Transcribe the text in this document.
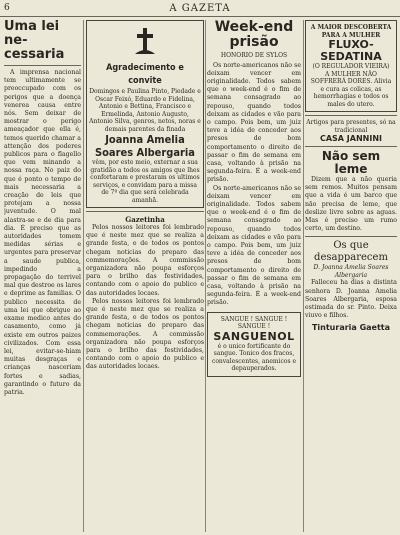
6	A GAZETA

Uma lei necessaria

A imprensa nacional tem ultimamente se preoccupado com os perigos que a doença venerea causa entre nós. Sem deixar de mostrar o perigo ameaçador que ella é, temos querido chamar a attenção dos poderes publicos para o flagello que vem minando a nossa raça. No paiz do que é ponto o tempo de mais necessaria a creação de leis que protejam a nossa juventude. O mal alastra-se e de dia para dia. É preciso que as autoridades tomem medidas sérias e urgentes para preservar a saude publica, impedindo a propagação do terrivel mal que destroe os lares e deprime as familias. O publico necessita de uma lei que obrigue ao exame medico antes do casamento, como já existe em outros paizes civilizados. Com essa lei, evitar-se-hiam muitas desgraças e crianças nasceriam fortes e sadias, garantindo o futuro da patria.

Agradecimento e convite

Domingos e Paulina Pinto, Piedade e Oscar Feixó, Eduardo e Fidelina, Antonio e Bettina, Francisco e Ermelinda, Antonio Augusto, Antonio Silva, genros, netos, noras e demais parentes da finada

Joanna Amelia Soares Albergaria

vêm, por este meio, externar a sua gratidão a todos os amigos que lhes confortaram e prestaram os ultimos serviços, e convidam para a missa de 7º dia que será celebrada amanhã.

Gazetinha

Pelos nossos leitores foi lembrado que é neste mez que se realiza a grande festa, e de todos os pontos chegam noticias do preparo das commemorações. A commissão organizadora não poupa esforços para o brilho das festividades, contando com o apoio do publico e das autoridades locaes.

Pelos nossos leitores foi lembrado que é neste mez que se realiza a grande festa, e de todos os pontos chegam noticias do preparo das commemorações. A commissão organizadora não poupa esforços para o brilho das festividades, contando com o apoio do publico e das autoridades locaes.

Week-end prisão
HONORIO DE SYLOS

Os norte-americanos não se deixam vencer em originalidade. Todos sabem que o week-end é o fim de semana consagrado ao repouso, quando todos deixam as cidades e vão para o campo. Pois bem, um juiz teve a idéa de conceder aos presos de bom comportamento o direito de passar o fim de semana em casa, voltando à prisão na segunda-feira. É a week-end prisão.

Os norte-americanos não se deixam vencer em originalidade. Todos sabem que o week-end é o fim de semana consagrado ao repouso, quando todos deixam as cidades e vão para o campo. Pois bem, um juiz teve a idéa de conceder aos presos de bom comportamento o direito de passar o fim de semana em casa, voltando à prisão na segunda-feira. É a week-end prisão.

SANGUE ! SANGUE ! SANGUE !
SANGUENOL

é o unico fortificante do sangue. Tonico dos fracos, convalescentes, anemicos e depauperados.

A MAIOR DESCOBERTA PARA A MULHER
FLUXO-SEDATINA
(O REGULADOR VIEIRA)

A MULHER NÃO SOFFRERÁ DORES. Alivia e cura as colicas, as hemorrhagias e todos os males do utero.

Artigos para presentes, só na tradicional
CASA JANNINI
Não sem leme

Dizem que a não queria sem remos. Muitos pensam que a vida é um barco que não precisa de leme, que deslize livre sobre as aguas. Mas é preciso um rumo certo, um destino.

Os que desapparecem
D. Joanna Amelia Soares Albergaria

Falleceu ha dias a distinta senhora D. Joanna Amelia Soares Albergaria, esposa estimada do sr. Pinto. Deixa viuvo e filhos.

Tinturaria Gaetta
